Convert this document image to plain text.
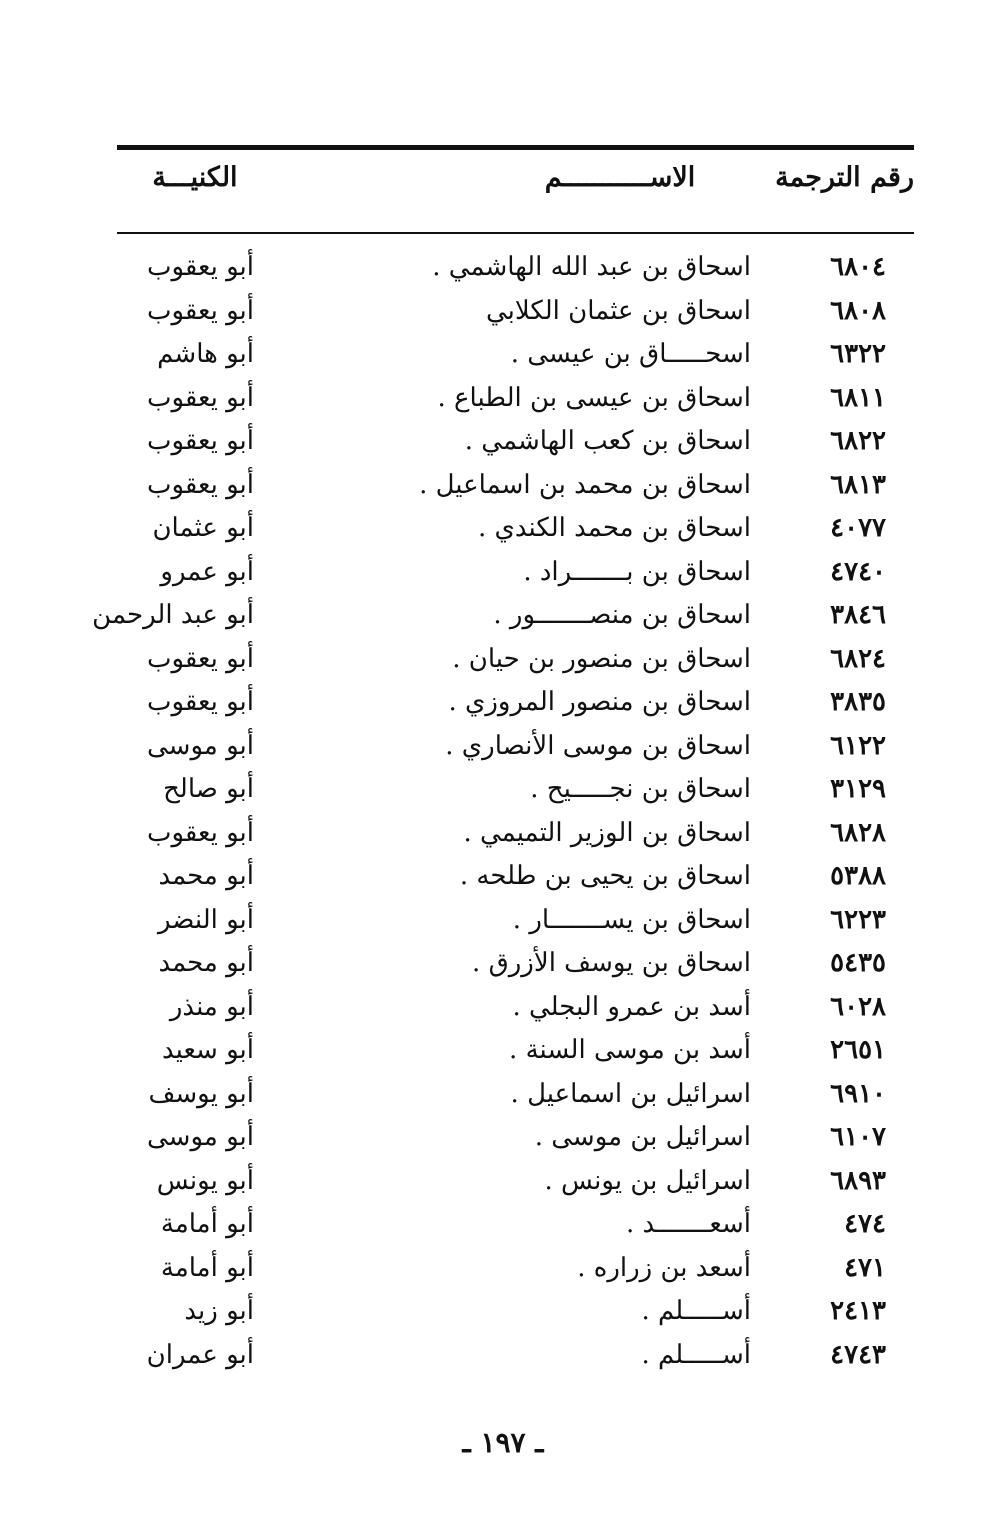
رقم الترجمة
الاســـــــــــم
الكنيـــة
٦٨٠٤
اسحاق بن عبد الله الهاشمي .
أبو يعقوب
٦٨٠٨
اسحاق بن عثمان الكلابي
أبو يعقوب
٦٣٢٢
اسحـــــاق بن عيسى .
أبو هاشم
٦٨١١
اسحاق بن عيسى بن الطباع .
أبو يعقوب
٦٨٢٢
اسحاق بن كعب الهاشمي .
أبو يعقوب
٦٨١٣
اسحاق بن محمد بن اسماعيل .
أبو يعقوب
٤٠٧٧
اسحاق بن محمد الكندي .
أبو عثمان
٤٧٤٠
اسحاق بن بـــــــراد .
أبو عمرو
٣٨٤٦
اسحاق بن منصـــــــور .
أبو عبد الرحمن
٦٨٢٤
اسحاق بن منصور بن حيان .
أبو يعقوب
٣٨٣٥
اسحاق بن منصور المروزي .
أبو يعقوب
٦١٢٢
اسحاق بن موسى الأنصاري .
أبو موسى
٣١٢٩
اسحاق بن نجـــــيح .
أبو صالح
٦٨٢٨
اسحاق بن الوزير التميمي .
أبو يعقوب
٥٣٨٨
اسحاق بن يحيى بن طلحه .
أبو محمد
٦٢٢٣
اسحاق بن يســـــــار .
أبو النضر
٥٤٣٥
اسحاق بن يوسف الأزرق .
أبو محمد
٦٠٢٨
أسد بن عمرو البجلي .
أبو منذر
٢٦٥١
أسد بن موسى السنة .
أبو سعيد
٦٩١٠
اسرائيل بن اسماعيل .
أبو يوسف
٦١٠٧
اسرائيل بن موسى .
أبو موسى
٦٨٩٣
اسرائيل بن يونس .
أبو يونس
٤٧٤
أسعـــــــد .
أبو أمامة
٤٧١
أسعد بن زراره .
أبو أمامة
٢٤١٣
أســـــلم .
أبو زيد
٤٧٤٣
أســـــلم .
أبو عمران
ـ ١٩٧ ـ
